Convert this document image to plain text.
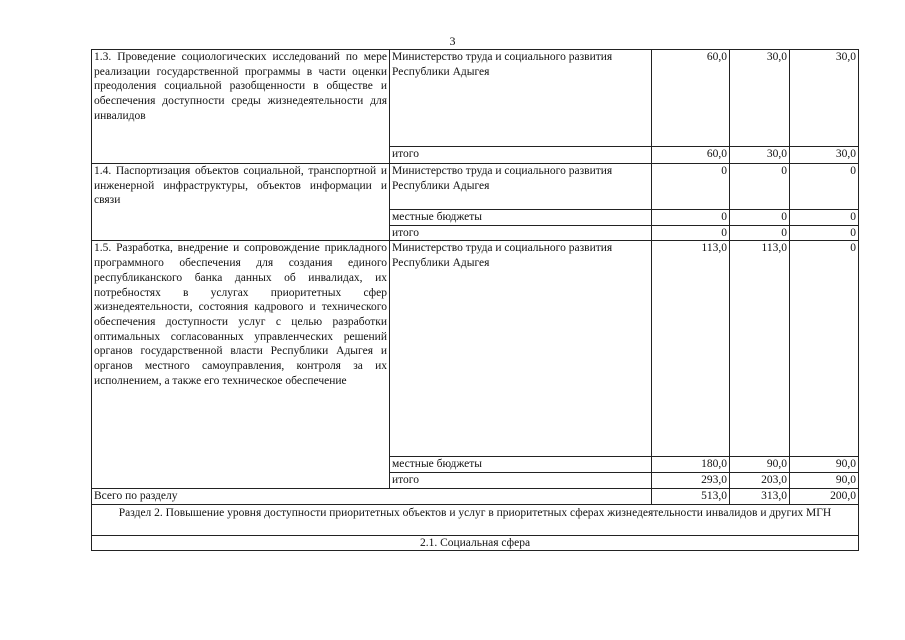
3
1.3. Проведение социологических исследований по мере реализации государственной программы в части оценки преодоления социальной разобщенности в обществе и обеспечения доступности среды жизнедеятельности для инвалидов	Министерство труда и социального развития Республики Адыгея	60,0	30,0	30,0
	итого	60,0	30,0	30,0
1.4. Паспортизация объектов социальной, транспортной и инженерной инфраструктуры, объектов информации и связи	Министерство труда и социального развития Республики Адыгея	0	0	0
	местные бюджеты	0	0	0
	итого	0	0	0
1.5. Разработка, внедрение и сопровождение прикладного программного обеспечения для создания единого республиканского банка данных об инвалидах, их потребностях в услугах приоритетных сфер жизнедеятельности, состояния кадрового и технического обеспечения доступности услуг с целью разработки оптимальных согласованных управленческих решений органов государственной власти Республики Адыгея и органов местного самоуправления, контроля за их исполнением, а также его техническое обеспечение	Министерство труда и социального развития Республики Адыгея	113,0	113,0	0
	местные бюджеты	180,0	90,0	90,0
	итого	293,0	203,0	90,0
Всего по разделу		513,0	313,0	200,0
Раздел 2. Повышение уровня доступности приоритетных объектов и услуг в приоритетных сферах жизнедеятельности инвалидов и других МГН				
2.1. Социальная сфера				
